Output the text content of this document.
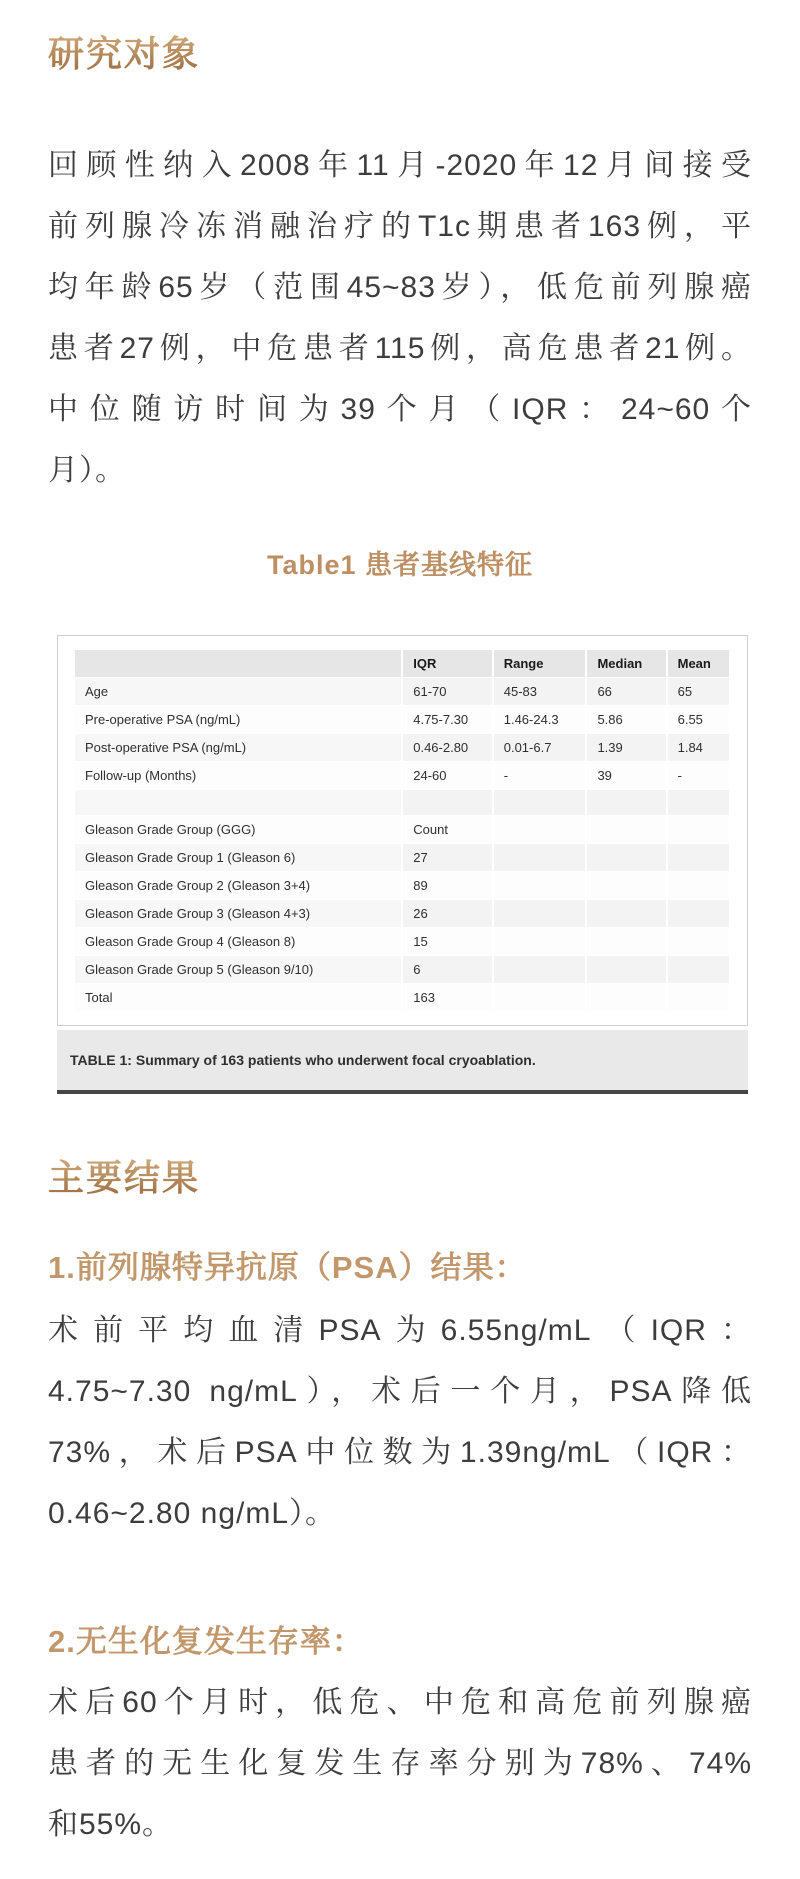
研究对象
回顾性纳入2008年11月-2020年12月间接受
前列腺冷冻消融治疗的T1c期患者163例，平
均年龄65岁（范围45~83岁），低危前列腺癌
患者27例，中危患者115例，高危患者21例。
中位随访时间为39个月（IQR：24~60个
月）。
Table1 患者基线特征
	IQR	Range	Median	Mean
Age	61-70	45-83	66	65
Pre-operative PSA (ng/mL)	4.75-7.30	1.46-24.3	5.86	6.55
Post-operative PSA (ng/mL)	0.46-2.80	0.01-6.7	1.39	1.84
Follow-up (Months)	24-60	-	39	-

Gleason Grade Group (GGG)	Count			
Gleason Grade Group 1 (Gleason 6)	27			
Gleason Grade Group 2 (Gleason 3+4)	89			
Gleason Grade Group 3 (Gleason 4+3)	26			
Gleason Grade Group 4 (Gleason 8)	15			
Gleason Grade Group 5 (Gleason 9/10)	6			
Total	163			
TABLE 1: Summary of 163 patients who underwent focal cryoablation.
主要结果
1.前列腺特异抗原（PSA）结果：
术前平均血清PSA为6.55ng/mL（IQR：
4.75~7.30 ng/mL），术后一个月，PSA降低
73%，术后PSA中位数为1.39ng/mL（IQR：
0.46~2.80 ng/mL）。
2.无生化复发生存率：
术后60个月时，低危、中危和高危前列腺癌
患者的无生化复发生存率分别为78%、74%
和55%。
